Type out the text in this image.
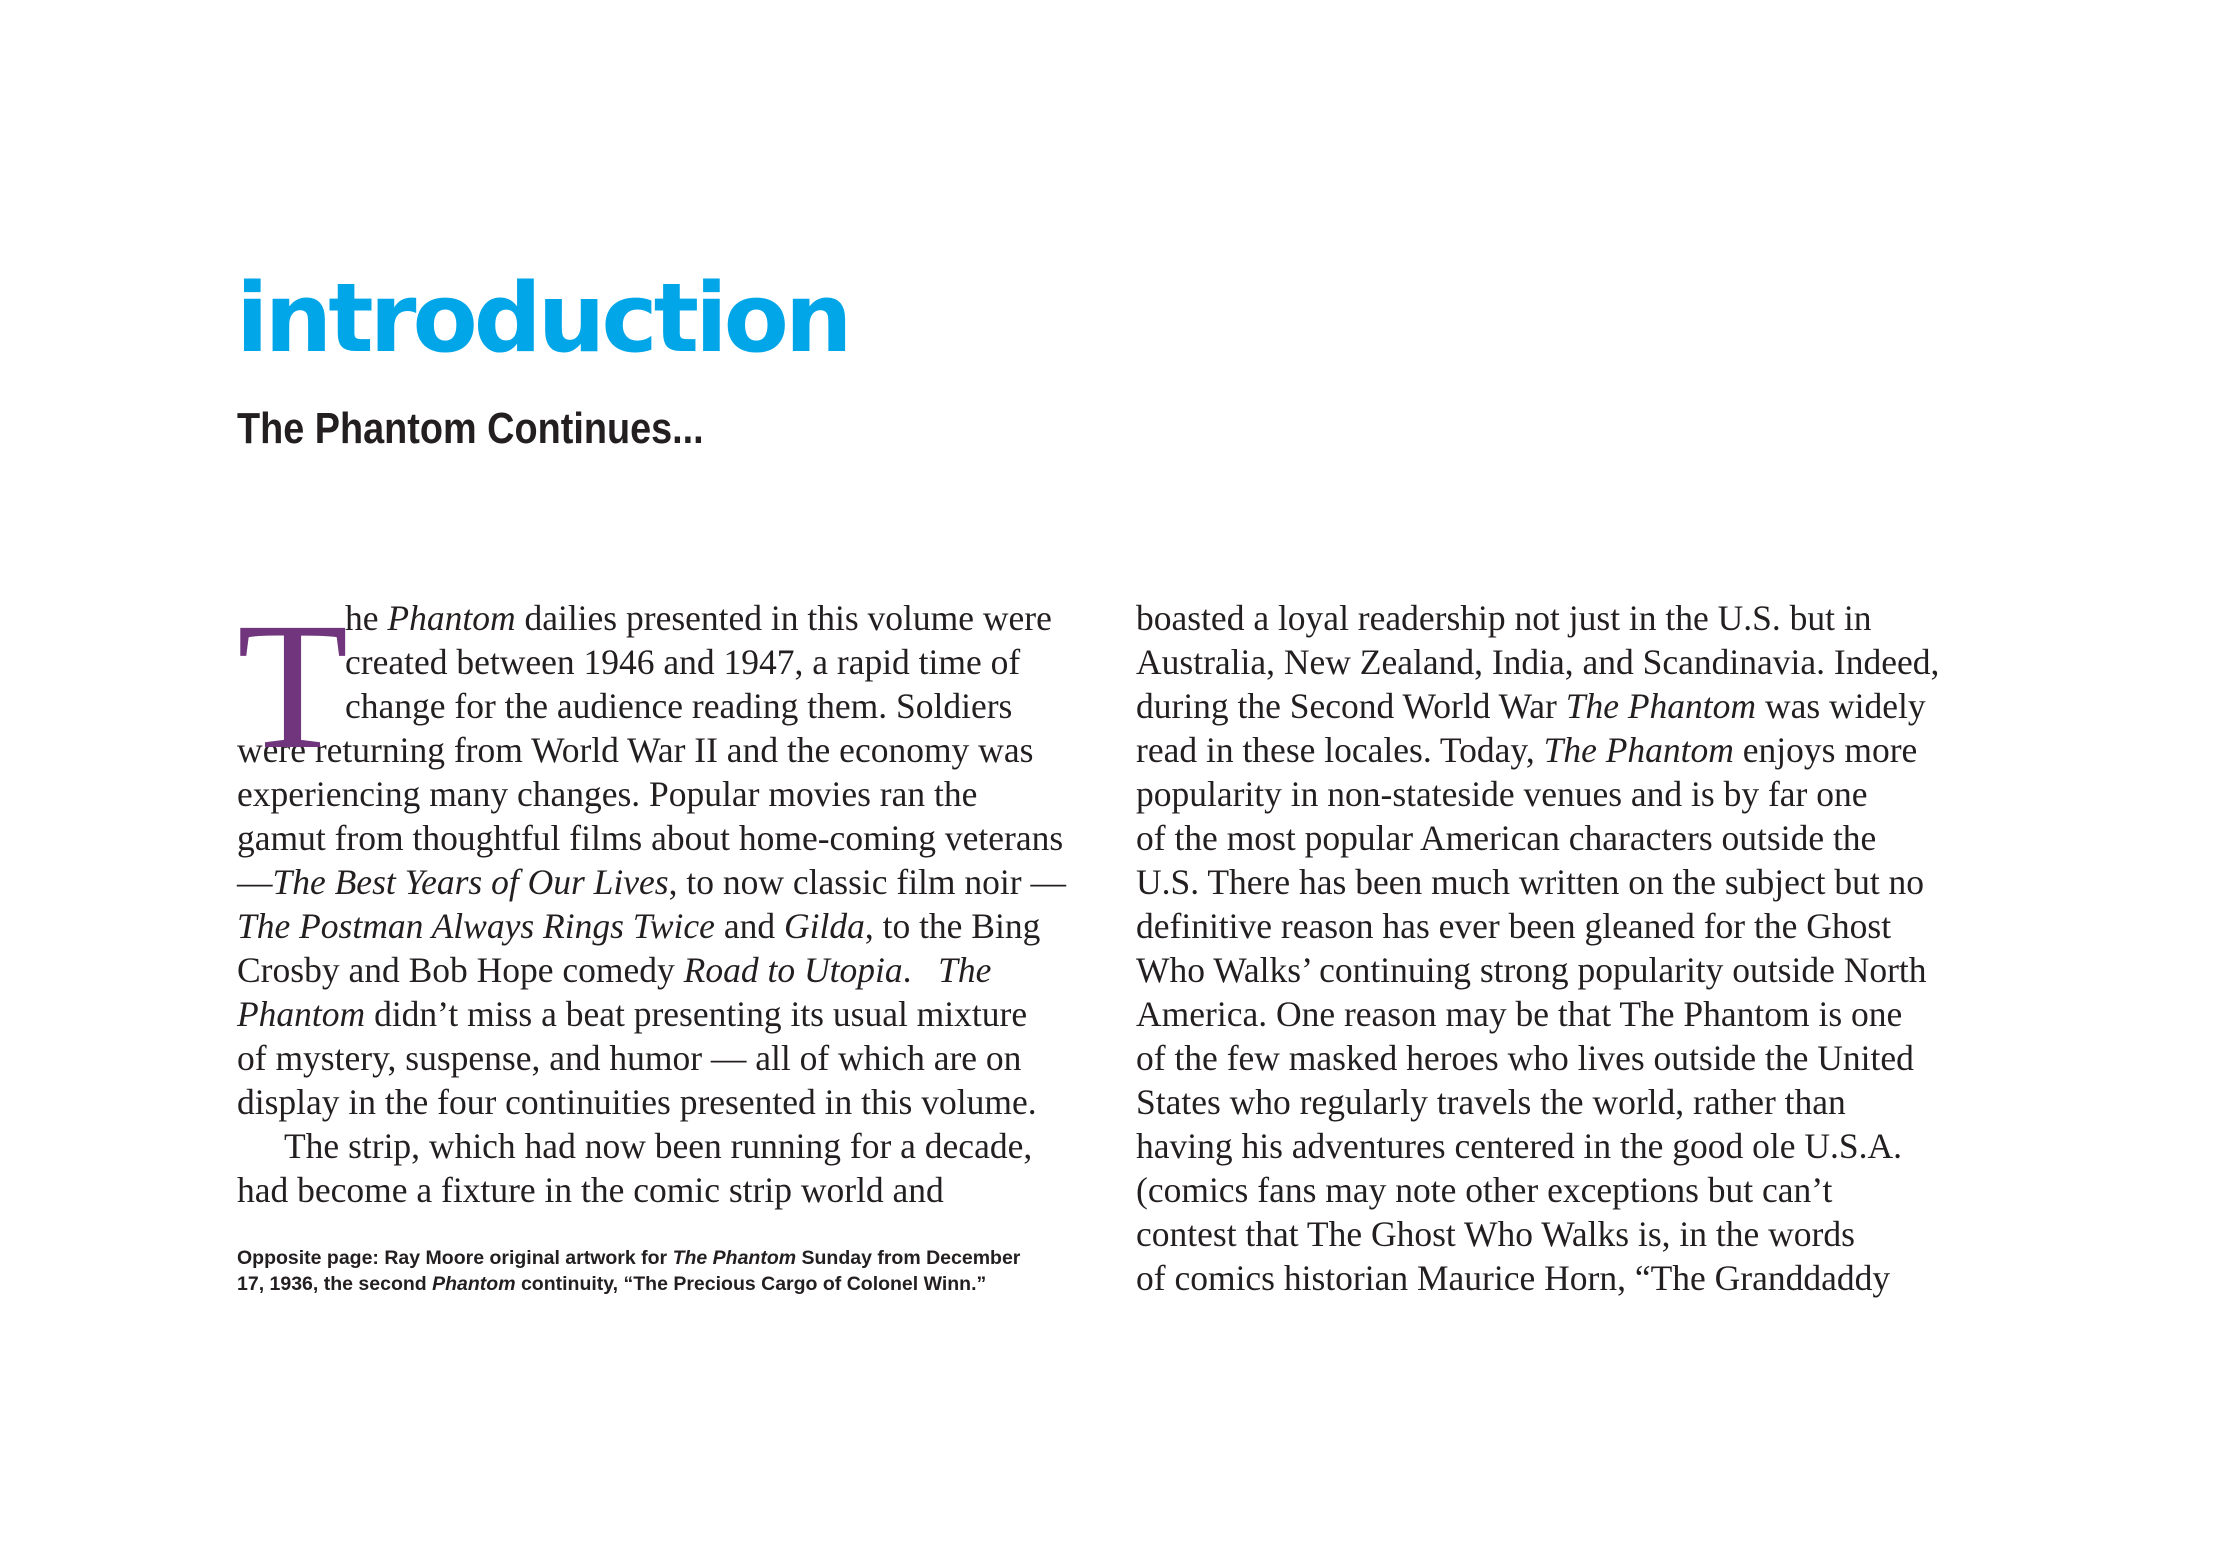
introduction
The Phantom Continues...
T
he Phantom dailies presented in this volume were
created between 1946 and 1947, a rapid time of
change for the audience reading them. Soldiers
were returning from World War II and the economy was
experiencing many changes. Popular movies ran the
gamut from thoughtful films about home-coming veterans
—The Best Years of Our Lives, to now classic film noir —
The Postman Always Rings Twice and Gilda, to the Bing
Crosby and Bob Hope comedy Road to Utopia.   The
Phantom didn’t miss a beat presenting its usual mixture
of mystery, suspense, and humor — all of which are on
display in the four continuities presented in this volume.
The strip, which had now been running for a decade,
had become a fixture in the comic strip world and
Opposite page: Ray Moore original artwork for The Phantom Sunday from December
17, 1936, the second Phantom continuity, “The Precious Cargo of Colonel Winn.”
boasted a loyal readership not just in the U.S. but in
Australia, New Zealand, India, and Scandinavia. Indeed,
during the Second World War The Phantom was widely
read in these locales. Today, The Phantom enjoys more
popularity in non-stateside venues and is by far one
of the most popular American characters outside the
U.S. There has been much written on the subject but no
definitive reason has ever been gleaned for the Ghost
Who Walks’ continuing strong popularity outside North
America. One reason may be that The Phantom is one
of the few masked heroes who lives outside the United
States who regularly travels the world, rather than
having his adventures centered in the good ole U.S.A.
(comics fans may note other exceptions but can’t
contest that The Ghost Who Walks is, in the words
of comics historian Maurice Horn, “The Granddaddy
